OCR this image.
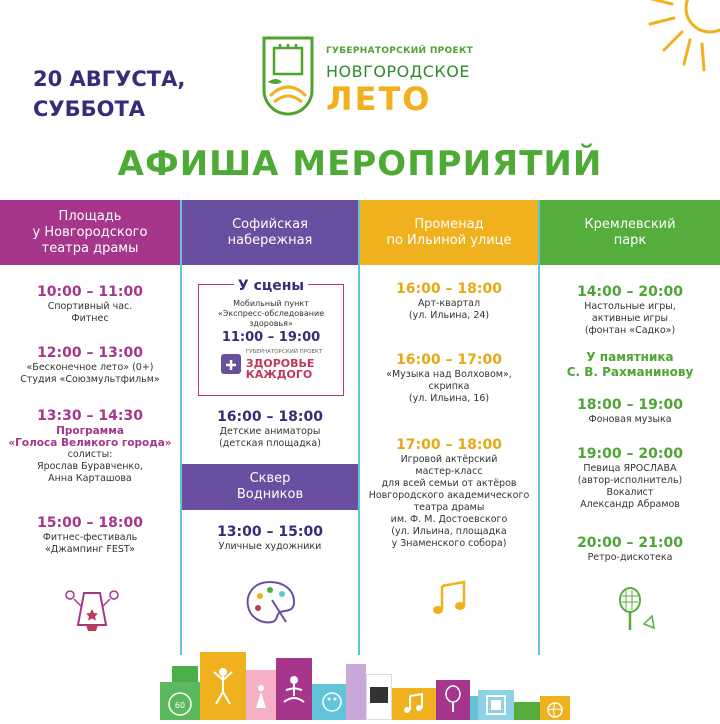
20 АВГУСТА,
СУББОТА
ГУБЕРНАТОРСКИЙ ПРОЕКТ
НОВГОРОДСКОЕ
ЛЕТО
АФИША МЕРОПРИЯТИЙ
Площадь
у Новгородского
театра драмы
10:00 – 11:00
Спортивный час.
Фитнес
12:00 – 13:00
«Бесконечное лето» (0+)
Студия «Союзмультфильм»
13:30 – 14:30
Программа
«Голоса Великого города»
солисты:
Ярослав Буравченко,
Анна Карташова
15:00 – 18:00
Фитнес-фестиваль
«Джампинг FEST»
Софийская
набережная
У сцены
Мобильный пункт
«Экспресс-обследование
здоровья»
11:00 – 19:00
ГУБЕРНАТОРСКИЙ ПРОЕКТ
ЗДОРОВЬЕ
КАЖДОГО
16:00 – 18:00
Детские аниматоры
(детская площадка)
Сквер
Водников
13:00 – 15:00
Уличные художники
Променад
по Ильиной улице
16:00 – 18:00
Арт-квартал
(ул. Ильина, 24)
16:00 – 17:00
«Музыка над Волховом»,
скрипка
(ул. Ильина, 16)
17:00 – 18:00
Игровой актёрский
мастер-класс
для всей семьи от актёров
Новгородского академического
театра драмы
им. Ф. М. Достоевского
(ул. Ильина, площадка
у Знаменского собора)
Кремлевский
парк
14:00 – 20:00
Настольные игры,
активные игры
(фонтан «Садко»)
У памятника
С. В. Рахманинову
18:00 – 19:00
Фоновая музыка
19:00 – 20:00
Певица ЯРОСЛАВА
(автор-исполнитель)
Вокалист
Александр Абрамов
20:00 – 21:00
Ретро-дискотека
60
